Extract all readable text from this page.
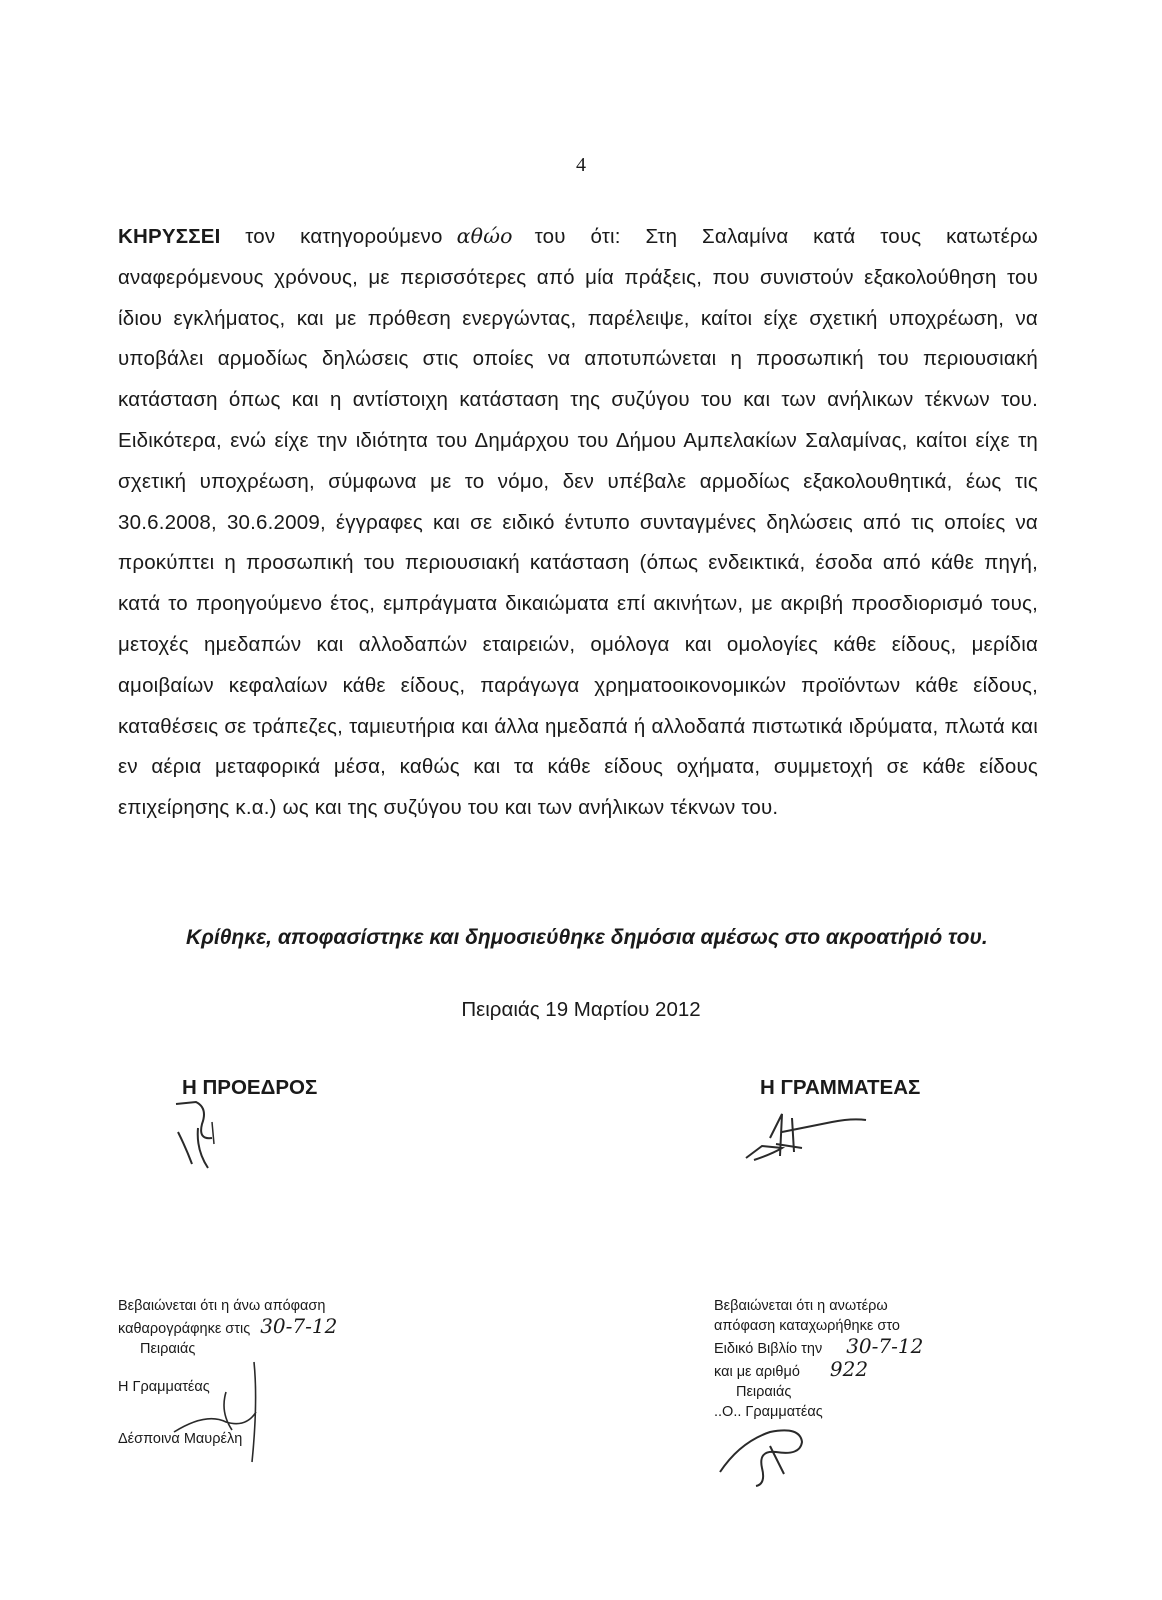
4

ΚΗΡΥΣΣΕΙ τον κατηγορούμενο αθώο του ότι: Στη Σαλαμίνα κατά τους κατωτέρω αναφερόμενους χρόνους, με περισσότερες από μία πράξεις, που συνιστούν εξακολούθηση του ίδιου εγκλήματος, και με πρόθεση ενεργώντας, παρέλειψε, καίτοι είχε σχετική υποχρέωση, να υποβάλει αρμοδίως δηλώσεις στις οποίες να αποτυπώνεται η προσωπική του περιουσιακή κατάσταση όπως και η αντίστοιχη κατάσταση της συζύγου του και των ανήλικων τέκνων του. Ειδικότερα, ενώ είχε την ιδιότητα του Δημάρχου του Δήμου Αμπελακίων Σαλαμίνας, καίτοι είχε τη σχετική υποχρέωση, σύμφωνα με το νόμο, δεν υπέβαλε αρμοδίως εξακολουθητικά, έως τις 30.6.2008, 30.6.2009, έγγραφες και σε ειδικό έντυπο συνταγμένες δηλώσεις από τις οποίες να προκύπτει η προσωπική του περιουσιακή κατάσταση (όπως ενδεικτικά, έσοδα από κάθε πηγή, κατά το προηγούμενο έτος, εμπράγματα δικαιώματα επί ακινήτων, με ακριβή προσδιορισμό τους, μετοχές ημεδαπών και αλλοδαπών εταιρειών, ομόλογα και ομολογίες κάθε είδους, μερίδια αμοιβαίων κεφαλαίων κάθε είδους, παράγωγα χρηματοοικονομικών προϊόντων κάθε είδους, καταθέσεις σε τράπεζες, ταμιευτήρια και άλλα ημεδαπά ή αλλοδαπά πιστωτικά ιδρύματα, πλωτά και εν αέρια μεταφορικά μέσα, καθώς και τα κάθε είδους οχήματα, συμμετοχή σε κάθε είδους επιχείρησης κ.α.) ως και της συζύγου του και των ανήλικων τέκνων του.

Κρίθηκε, αποφασίστηκε και δημοσιεύθηκε δημόσια αμέσως στο ακροατήριό του.

Πειραιάς 19 Μαρτίου 2012
Η ΠΡΟΕΔΡΟΣ	Η ΓΡΑΜΜΑΤΕΑΣ
Βεβαιώνεται ότι η άνω απόφαση
καθαρογράφηκε στις 30-7-12
Πειραιάς
Η Γραμματέας
Δέσποινα Μαυρέλη
Βεβαιώνεται ότι η ανωτέρω
απόφαση καταχωρήθηκε στο
Ειδικό Βιβλίο την 30-7-12
και με αριθμό 922
Πειραιάς
..Ο.. Γραμματέας
